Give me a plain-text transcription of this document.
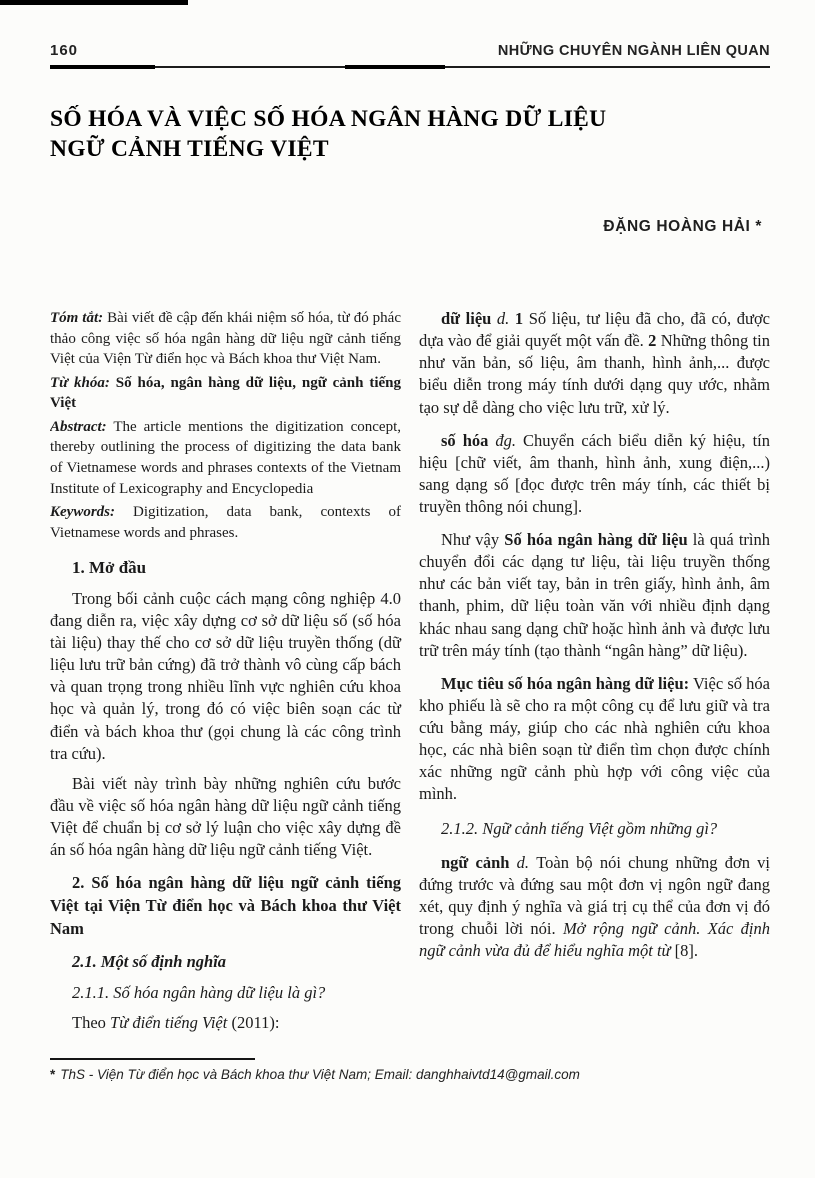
160	NHỮNG CHUYÊN NGÀNH LIÊN QUAN
SỐ HÓA VÀ VIỆC SỐ HÓA NGÂN HÀNG DỮ LIỆU
NGỮ CẢNH TIẾNG VIỆT
ĐẶNG HOÀNG HẢI *

Tóm tắt: Bài viết đề cập đến khái niệm số hóa, từ đó phác thảo công việc số hóa ngân hàng dữ liệu ngữ cảnh tiếng Việt của Viện Từ điển học và Bách khoa thư Việt Nam.

Từ khóa: Số hóa, ngân hàng dữ liệu, ngữ cảnh tiếng Việt

Abstract: The article mentions the digitization concept, thereby outlining the process of digitizing the data bank of Vietnamese words and phrases contexts of the Vietnam Institute of Lexicography and Encyclopedia

Keywords: Digitization, data bank, contexts of Vietnamese words and phrases.

1. Mở đầu

Trong bối cảnh cuộc cách mạng công nghiệp 4.0 đang diễn ra, việc xây dựng cơ sở dữ liệu số (số hóa tài liệu) thay thế cho cơ sở dữ liệu truyền thống (dữ liệu lưu trữ bản cứng) đã trở thành vô cùng cấp bách và quan trọng trong nhiều lĩnh vực nghiên cứu khoa học và quản lý, trong đó có việc biên soạn các từ điển và bách khoa thư (gọi chung là các công trình tra cứu).

Bài viết này trình bày những nghiên cứu bước đầu về việc số hóa ngân hàng dữ liệu ngữ cảnh tiếng Việt để chuẩn bị cơ sở lý luận cho việc xây dựng đề án số hóa ngân hàng dữ liệu ngữ cảnh tiếng Việt.

2. Số hóa ngân hàng dữ liệu ngữ cảnh tiếng Việt tại Viện Từ điển học và Bách khoa thư Việt Nam

2.1. Một số định nghĩa

2.1.1. Số hóa ngân hàng dữ liệu là gì?

Theo Từ điển tiếng Việt (2011):

dữ liệu d. 1 Số liệu, tư liệu đã cho, đã có, được dựa vào để giải quyết một vấn đề. 2 Những thông tin như văn bản, số liệu, âm thanh, hình ảnh,... được biểu diễn trong máy tính dưới dạng quy ước, nhằm tạo sự dễ dàng cho việc lưu trữ, xử lý.

số hóa đg. Chuyển cách biểu diễn ký hiệu, tín hiệu [chữ viết, âm thanh, hình ảnh, xung điện,...) sang dạng số [đọc được trên máy tính, các thiết bị truyền thông nói chung].

Như vậy Số hóa ngân hàng dữ liệu là quá trình chuyển đổi các dạng tư liệu, tài liệu truyền thống như các bản viết tay, bản in trên giấy, hình ảnh, âm thanh, phim, dữ liệu toàn văn với nhiều định dạng khác nhau sang dạng chữ hoặc hình ảnh và được lưu trữ trên máy tính (tạo thành “ngân hàng” dữ liệu).

Mục tiêu số hóa ngân hàng dữ liệu: Việc số hóa kho phiếu là sẽ cho ra một công cụ để lưu giữ và tra cứu bằng máy, giúp cho các nhà nghiên cứu khoa học, các nhà biên soạn từ điển tìm chọn được chính xác những ngữ cảnh phù hợp với công việc của mình.

2.1.2. Ngữ cảnh tiếng Việt gồm những gì?

ngữ cảnh d. Toàn bộ nói chung những đơn vị đứng trước và đứng sau một đơn vị ngôn ngữ đang xét, quy định ý nghĩa và giá trị cụ thể của đơn vị đó trong chuỗi lời nói. Mở rộng ngữ cảnh. Xác định ngữ cảnh vừa đủ để hiểu nghĩa một từ [8].

* ThS - Viện Từ điển học và Bách khoa thư Việt Nam; Email: danghhaivtd14@gmail.com
